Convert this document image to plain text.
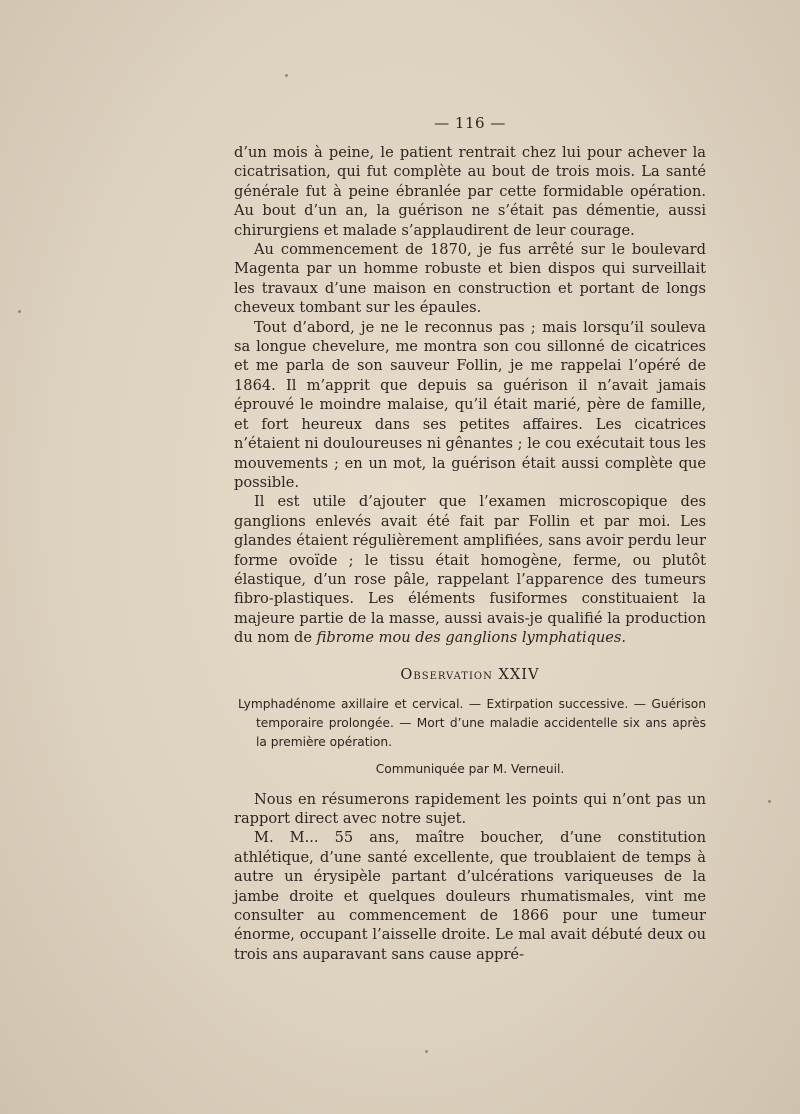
— 116 —

d’un mois à peine, le patient rentrait chez lui pour achever la cicatrisation, qui fut complète au bout de trois mois. La santé générale fut à peine ébranlée par cette formidable opération. Au bout d’un an, la guérison ne s’était pas démentie, aussi chirurgiens et malade s’applaudirent de leur courage.

Au commencement de 1870, je fus arrêté sur le boulevard Magenta par un homme robuste et bien dispos qui surveillait les travaux d’une maison en construction et portant de longs cheveux tombant sur les épaules.

Tout d’abord, je ne le reconnus pas ; mais lorsqu’il souleva sa longue chevelure, me montra son cou sillonné de cicatrices et me parla de son sauveur Follin, je me rappelai l’opéré de 1864. Il m’apprit que depuis sa guérison il n’avait jamais éprouvé le moindre malaise, qu’il était marié, père de famille, et fort heureux dans ses petites affaires. Les cicatrices n’étaient ni douloureuses ni gênantes ; le cou exécutait tous les mouvements ; en un mot, la guérison était aussi complète que possible.

Il est utile d’ajouter que l’examen microscopique des ganglions enlevés avait été fait par Follin et par moi. Les glandes étaient régulièrement amplifiées, sans avoir perdu leur forme ovoïde ; le tissu était homogène, ferme, ou plutôt élastique, d’un rose pâle, rappelant l’apparence des tumeurs fibro-plastiques. Les éléments fusiformes constituaient la majeure partie de la masse, aussi avais-je qualifié la production du nom de fibrome mou des ganglions lymphatiques.

Observation XXIV

Lymphadénome axillaire et cervical. — Extirpation successive. — Guérison temporaire prolongée. — Mort d’une maladie accidentelle six ans après la première opération.

Communiquée par M. Verneuil.

Nous en résumerons rapidement les points qui n’ont pas un rapport direct avec notre sujet.

M. M... 55 ans, maître boucher, d’une constitution athlétique, d’une santé excellente, que troublaient de temps à autre un érysipèle partant d’ulcérations variqueuses de la jambe droite et quelques douleurs rhumatismales, vint me consulter au commencement de 1866 pour une tumeur énorme, occupant l’aisselle droite. Le mal avait débuté deux ou trois ans auparavant sans cause appré-
